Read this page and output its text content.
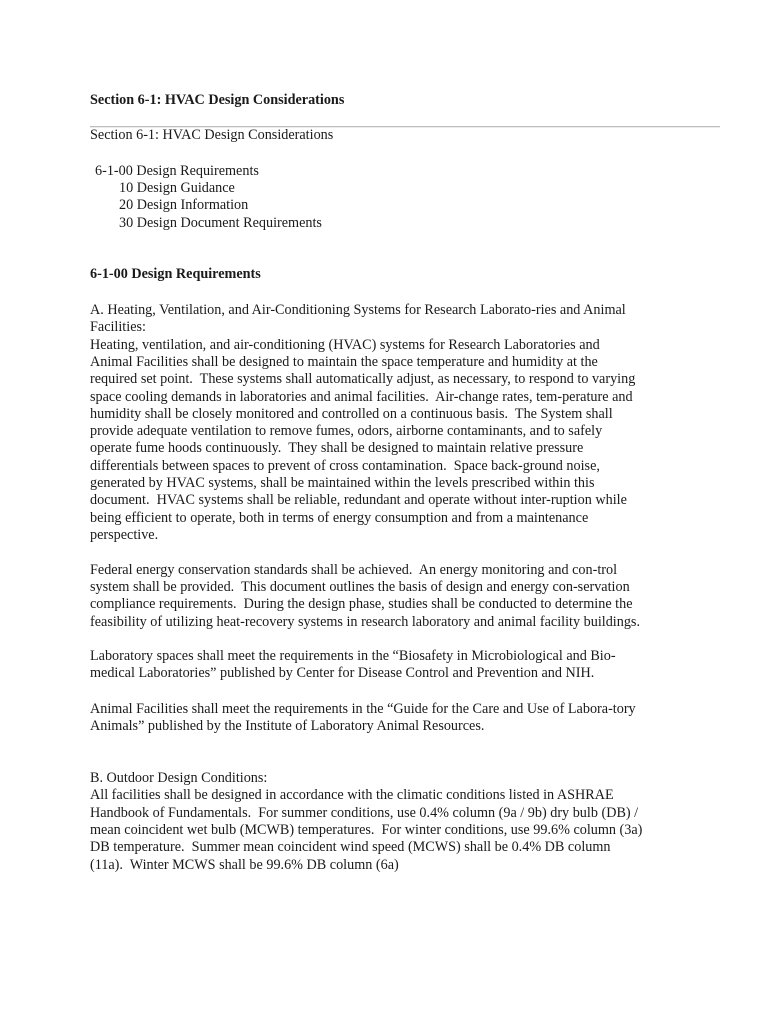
Section 6-1: HVAC Design Considerations
Section 6-1: HVAC Design Considerations
6-1-00 Design Requirements
10 Design Guidance
20 Design Information
30 Design Document Requirements
6-1-00 Design Requirements
A. Heating, Ventilation, and Air-Conditioning Systems for Research Laborato-ries and Animal
Facilities:
Heating, ventilation, and air-conditioning (HVAC) systems for Research Laboratories and
Animal Facilities shall be designed to maintain the space temperature and humidity at the
required set point.  These systems shall automatically adjust, as necessary, to respond to varying
space cooling demands in laboratories and animal facilities.  Air-change rates, tem-perature and
humidity shall be closely monitored and controlled on a continuous basis.  The System shall
provide adequate ventilation to remove fumes, odors, airborne contaminants, and to safely
operate fume hoods continuously.  They shall be designed to maintain relative pressure
differentials between spaces to prevent of cross contamination.  Space back-ground noise,
generated by HVAC systems, shall be maintained within the levels prescribed within this
document.  HVAC systems shall be reliable, redundant and operate without inter-ruption while
being efficient to operate, both in terms of energy consumption and from a maintenance
perspective.
Federal energy conservation standards shall be achieved.  An energy monitoring and con-trol
system shall be provided.  This document outlines the basis of design and energy con-servation
compliance requirements.  During the design phase, studies shall be conducted to determine the
feasibility of utilizing heat-recovery systems in research laboratory and animal facility buildings.
Laboratory spaces shall meet the requirements in the “Biosafety in Microbiological and Bio-
medical Laboratories” published by Center for Disease Control and Prevention and NIH.
Animal Facilities shall meet the requirements in the “Guide for the Care and Use of Labora-tory
Animals” published by the Institute of Laboratory Animal Resources.
B. Outdoor Design Conditions:
All facilities shall be designed in accordance with the climatic conditions listed in ASHRAE
Handbook of Fundamentals.  For summer conditions, use 0.4% column (9a / 9b) dry bulb (DB) /
mean coincident wet bulb (MCWB) temperatures.  For winter conditions, use 99.6% column (3a)
DB temperature.  Summer mean coincident wind speed (MCWS) shall be 0.4% DB column
(11a).  Winter MCWS shall be 99.6% DB column (6a)
